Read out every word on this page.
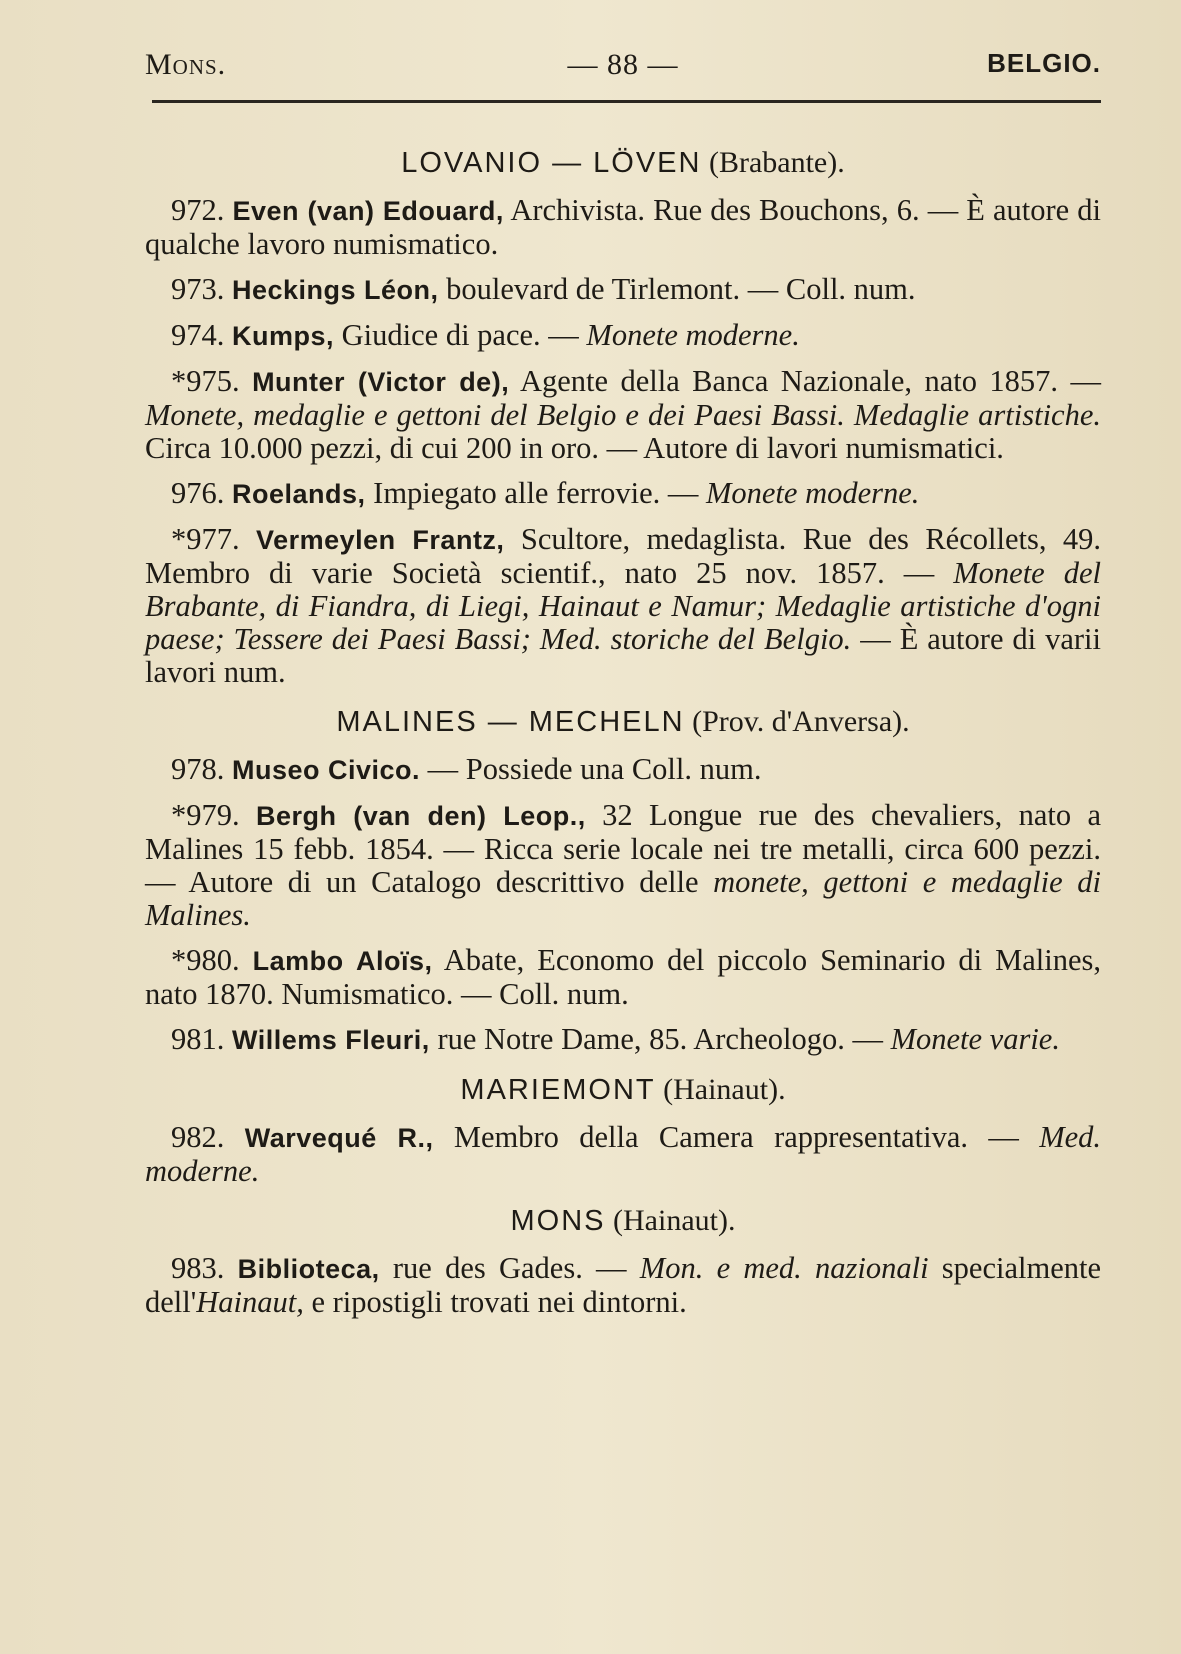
Mons.	— 88 —	BELGIO.
LOVANIO — LÖVEN (Brabante).
972. Even (van) Edouard, Archivista. Rue des Bouchons, 6. — È autore di qualche lavoro numismatico.
973. Heckings Léon, boulevard de Tirlemont. — Coll. num.
974. Kumps, Giudice di pace. — Monete moderne.
*975. Munter (Victor de), Agente della Banca Nazionale, nato 1857. — Monete, medaglie e gettoni del Belgio e dei Paesi Bassi. Medaglie artistiche. Circa 10.000 pezzi, di cui 200 in oro. — Autore di lavori numismatici.
976. Roelands, Impiegato alle ferrovie. — Monete moderne.
*977. Vermeylen Frantz, Scultore, medaglista. Rue des Récollets, 49. Membro di varie Società scientif., nato 25 nov. 1857. — Monete del Brabante, di Fiandra, di Liegi, Hainaut e Namur; Medaglie artistiche d'ogni paese; Tessere dei Paesi Bassi; Med. storiche del Belgio. — È autore di varii lavori num.
MALINES — MECHELN (Prov. d'Anversa).
978. Museo Civico. — Possiede una Coll. num.
*979. Bergh (van den) Leop., 32 Longue rue des chevaliers, nato a Malines 15 febb. 1854. — Ricca serie locale nei tre metalli, circa 600 pezzi. — Autore di un Catalogo descrittivo delle monete, gettoni e medaglie di Malines.
*980. Lambo Aloïs, Abate, Economo del piccolo Seminario di Malines, nato 1870. Numismatico. — Coll. num.
981. Willems Fleuri, rue Notre Dame, 85. Archeologo. — Monete varie.
MARIEMONT (Hainaut).
982. Warvequé R., Membro della Camera rappresentativa. — Med. moderne.
MONS (Hainaut).
983. Biblioteca, rue des Gades. — Mon. e med. nazionali specialmente dell'Hainaut, e ripostigli trovati nei dintorni.
